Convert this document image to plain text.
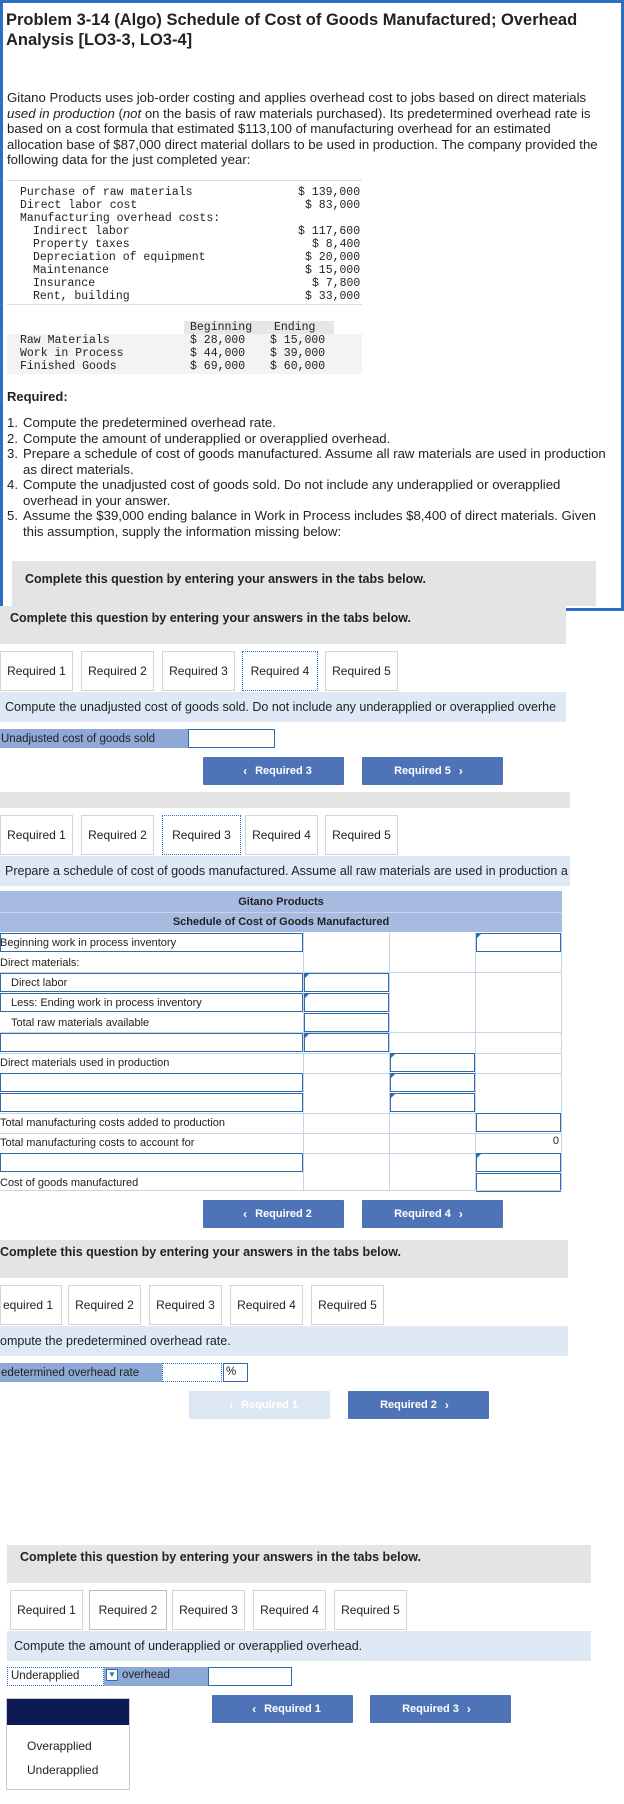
Problem 3-14 (Algo) Schedule of Cost of Goods Manufactured; Overhead Analysis [LO3-3, LO3-4]
Gitano Products uses job-order costing and applies overhead cost to jobs based on direct materials used in production (not on the basis of raw materials purchased). Its predetermined overhead rate is based on a cost formula that estimated $113,100 of manufacturing overhead for an estimated allocation base of $87,000 direct material dollars to be used in production. The company provided the following data for the just completed year:
Purchase of raw materials	$ 139,000
Direct labor cost	$ 83,000
Manufacturing overhead costs:
Indirect labor	$ 117,600
Property taxes	$ 8,400
Depreciation of equipment	$ 20,000
Maintenance	$ 15,000
Insurance	$ 7,800
Rent, building	$ 33,000
Beginning Ending
Raw Materials	$ 28,000 $ 15,000
Work in Process	$ 44,000 $ 39,000
Finished Goods	$ 69,000 $ 60,000
Required:
1. Compute the predetermined overhead rate.
2. Compute the amount of underapplied or overapplied overhead.
3. Prepare a schedule of cost of goods manufactured. Assume all raw materials are used in production as direct materials.
4. Compute the unadjusted cost of goods sold. Do not include any underapplied or overapplied overhead in your answer.
5. Assume the $39,000 ending balance in Work in Process includes $8,400 of direct materials. Given this assumption, supply the information missing below:
Complete this question by entering your answers in the tabs below.
Complete this question by entering your answers in the tabs below.
Required 1	Required 2	Required 3	Required 4	Required 5
Compute the unadjusted cost of goods sold. Do not include any underapplied or overapplied overhe
Unadjusted cost of goods sold
‹ Required 3	Required 5 ›
Required 1	Required 2	Required 3	Required 4	Required 5
Prepare a schedule of cost of goods manufactured. Assume all raw materials are used in production a
Gitano Products
Schedule of Cost of Goods Manufactured
Beginning work in process inventory
Direct materials:
Direct labor
Less: Ending work in process inventory
Total raw materials available
Direct materials used in production
Total manufacturing costs added to production
Total manufacturing costs to account for	0
Cost of goods manufactured
‹ Required 2	Required 4 ›
Complete this question by entering your answers in the tabs below.
equired 1	Required 2	Required 3	Required 4	Required 5
ompute the predetermined overhead rate.
edetermined overhead rate	%
‹ Required 1	Required 2 ›
Complete this question by entering your answers in the tabs below.
Required 1	Required 2	Required 3	Required 4	Required 5
Compute the amount of underapplied or overapplied overhead.
Underapplied	▼ overhead
Overapplied
Underapplied
‹ Required 1	Required 3 ›
